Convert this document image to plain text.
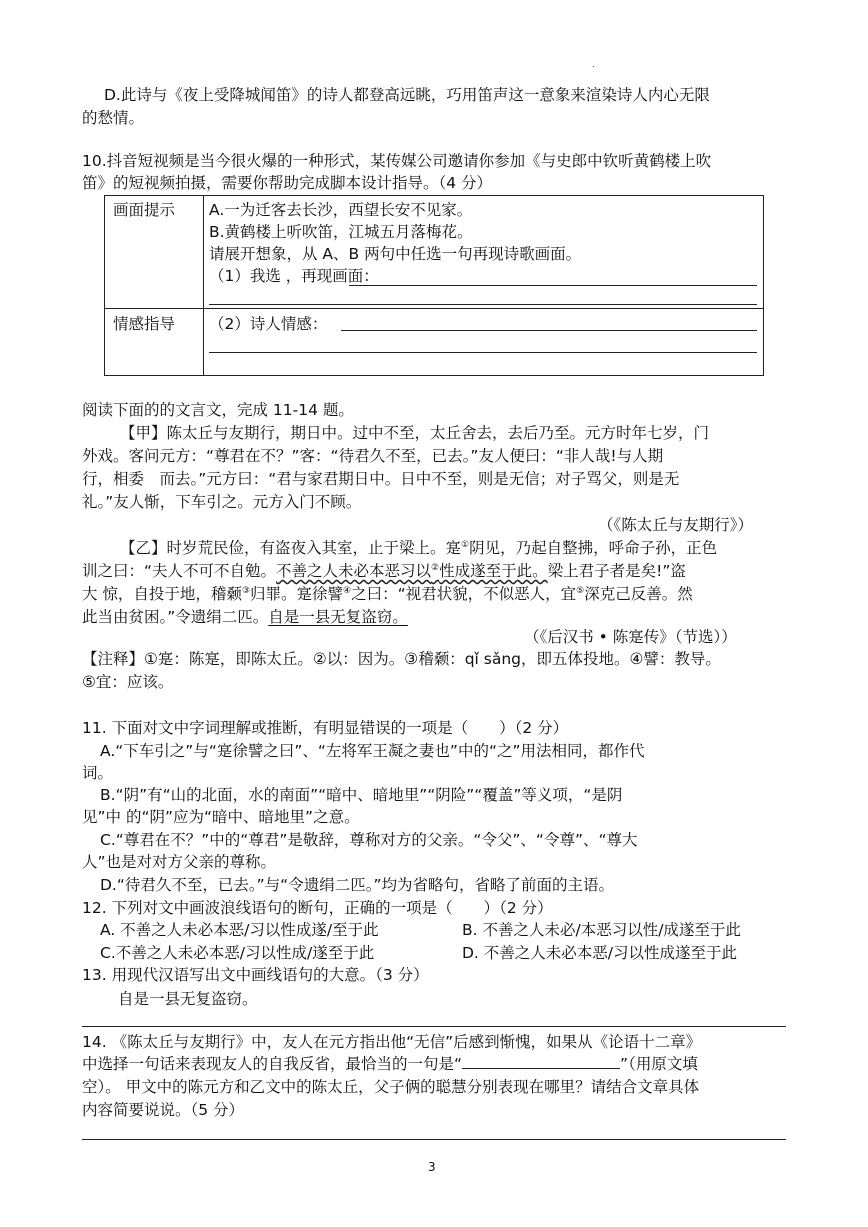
.
D.此诗与《夜上受降城闻笛》的诗人都登高远眺，巧用笛声这一意象来渲染诗人内心无限
的愁情。
10.抖音短视频是当今很火爆的一种形式，某传媒公司邀请你参加《与史郎中钦听黄鹤楼上吹
笛》的短视频拍摄，需要你帮助完成脚本设计指导。（4 分）
画面提示 A.一为迁客去长沙，西望长安不见家。
B.黄鹤楼上听吹笛，江城五月落梅花。
请展开想象，从 A、B 两句中任选一句再现诗歌画面。
（1）我选 ，再现画面：
情感指导 （2）诗人情感：
阅读下面的的文言文，完成 11-14 题。
【甲】陈太丘与友期行，期日中。过中不至，太丘舍去，去后乃至。元方时年七岁，门
外戏。客问元方：“尊君在不？”客：“待君久不至，已去。”友人便曰：“非人哉!与人期
行，相委　而去。”元方曰：“君与家君期日中。日中不至，则是无信；对子骂父，则是无
礼。”友人惭，下车引之。元方入门不顾。
（《陈太丘与友期行》）
【乙】时岁荒民俭，有盗夜入其室，止于梁上。寔①阴见，乃起自整拂，呼命子孙，正色
训之曰：“夫人不可不自勉。不善之人未必本恶习以②性成遂至于此。梁上君子者是矣!”盗
大 惊，自投于地，稽颡③归罪。寔徐譬④之曰：“视君状貌，不似恶人，宜⑤深克己反善。然
此当由贫困。”令遗绢二匹。自是一县无复盗窃。
（《后汉书 • 陈寔传》（节选））
【注释】①寔：陈寔，即陈太丘。②以：因为。③稽颡：qǐ sǎng，即五体投地。④譬：教导。
⑤宜：应该。
11. 下面对文中字词理解或推断，有明显错误的一项是（　　）（2 分）
A.“下车引之”与“寔徐譬之曰”、“左将军王凝之妻也”中的“之”用法相同，都作代
词。
B.“阴”有“山的北面，水的南面”“暗中、暗地里”“阴险”“覆盖”等义项，“是阴
见”中 的“阴”应为“暗中、暗地里”之意。
C.“尊君在不？”中的“尊君”是敬辞，尊称对方的父亲。“令父”、“令尊”、“尊大
人”也是对对方父亲的尊称。
D.“待君久不至，已去。”与“令遗绢二匹。”均为省略句，省略了前面的主语。
12. 下列对文中画波浪线语句的断句，正确的一项是（　　）（2 分）
A. 不善之人未必本恶/习以性成遂/至于此	B. 不善之人未必/本恶习以性/成遂至于此
C.不善之人未必本恶/习以性成/遂至于此	D. 不善之人未必本恶/习以性成遂至于此
13. 用现代汉语写出文中画线语句的大意。（3 分）
自是一县无复盗窃。
14. 《陈太丘与友期行》中，友人在元方指出他“无信”后感到惭愧，如果从《论语十二章》
中选择一句话来表现友人的自我反省，最恰当的一句是“	”（用原文填
空）。 甲文中的陈元方和乙文中的陈太丘，父子俩的聪慧分别表现在哪里？请结合文章具体
内容简要说说。（5 分）
3
